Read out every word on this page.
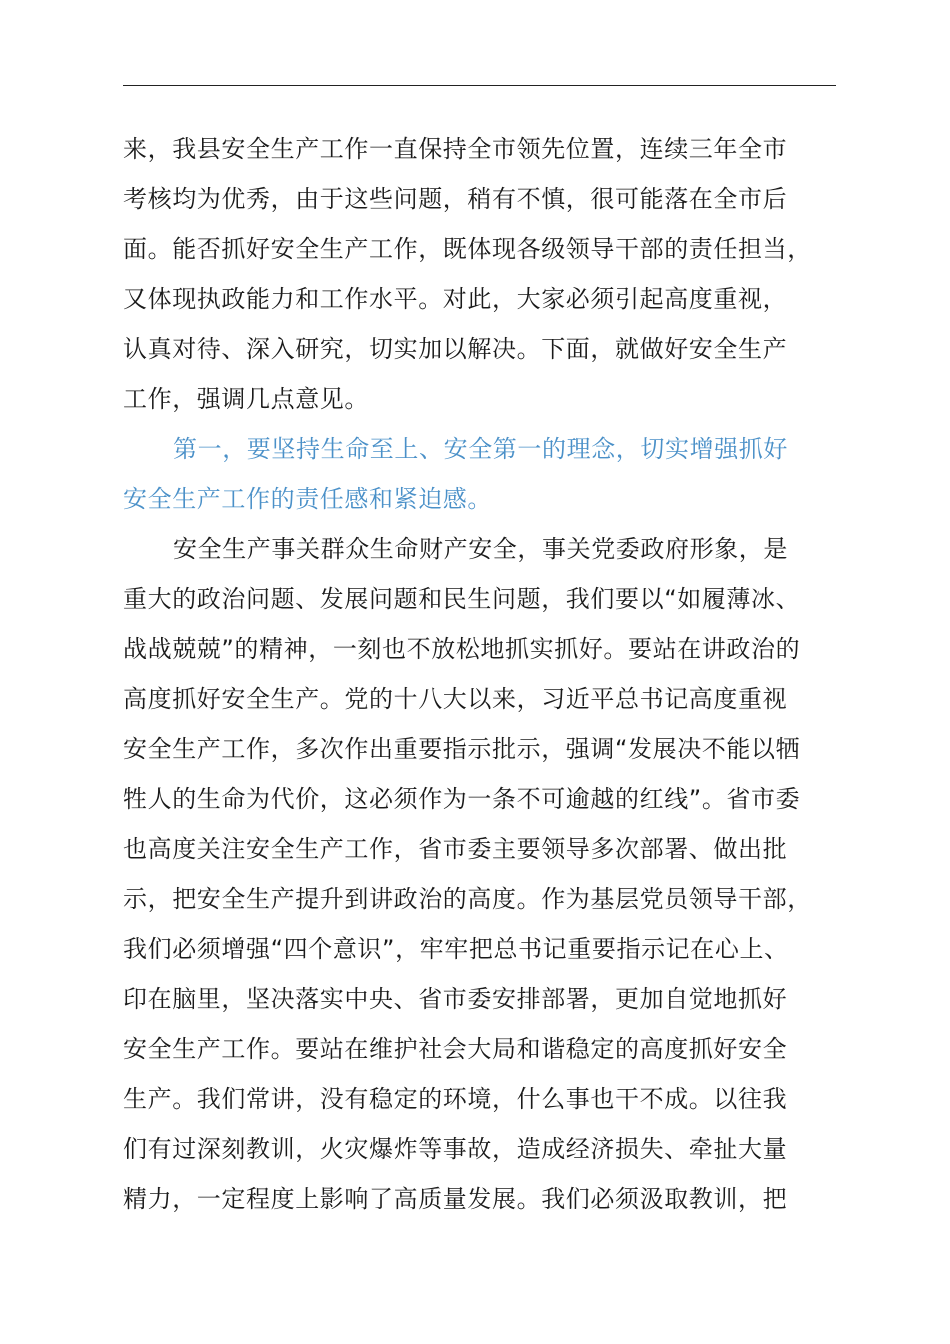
来，我县安全生产工作一直保持全市领先位置，连续三年全市
考核均为优秀，由于这些问题，稍有不慎，很可能落在全市后
面。能否抓好安全生产工作，既体现各级领导干部的责任担当，
又体现执政能力和工作水平。对此，大家必须引起高度重视，
认真对待、深入研究，切实加以解决。下面，就做好安全生产
工作，强调几点意见。
第一，要坚持生命至上、安全第一的理念，切实增强抓好
安全生产工作的责任感和紧迫感。
安全生产事关群众生命财产安全，事关党委政府形象，是
重大的政治问题、发展问题和民生问题，我们要以“如履薄冰、
战战兢兢”的精神，一刻也不放松地抓实抓好。要站在讲政治的
高度抓好安全生产。党的十八大以来，习近平总书记高度重视
安全生产工作，多次作出重要指示批示，强调“发展决不能以牺
牲人的生命为代价，这必须作为一条不可逾越的红线”。省市委
也高度关注安全生产工作，省市委主要领导多次部署、做出批
示，把安全生产提升到讲政治的高度。作为基层党员领导干部，
我们必须增强“四个意识”，牢牢把总书记重要指示记在心上、
印在脑里，坚决落实中央、省市委安排部署，更加自觉地抓好
安全生产工作。要站在维护社会大局和谐稳定的高度抓好安全
生产。我们常讲，没有稳定的环境，什么事也干不成。以往我
们有过深刻教训，火灾爆炸等事故，造成经济损失、牵扯大量
精力，一定程度上影响了高质量发展。我们必须汲取教训，把
